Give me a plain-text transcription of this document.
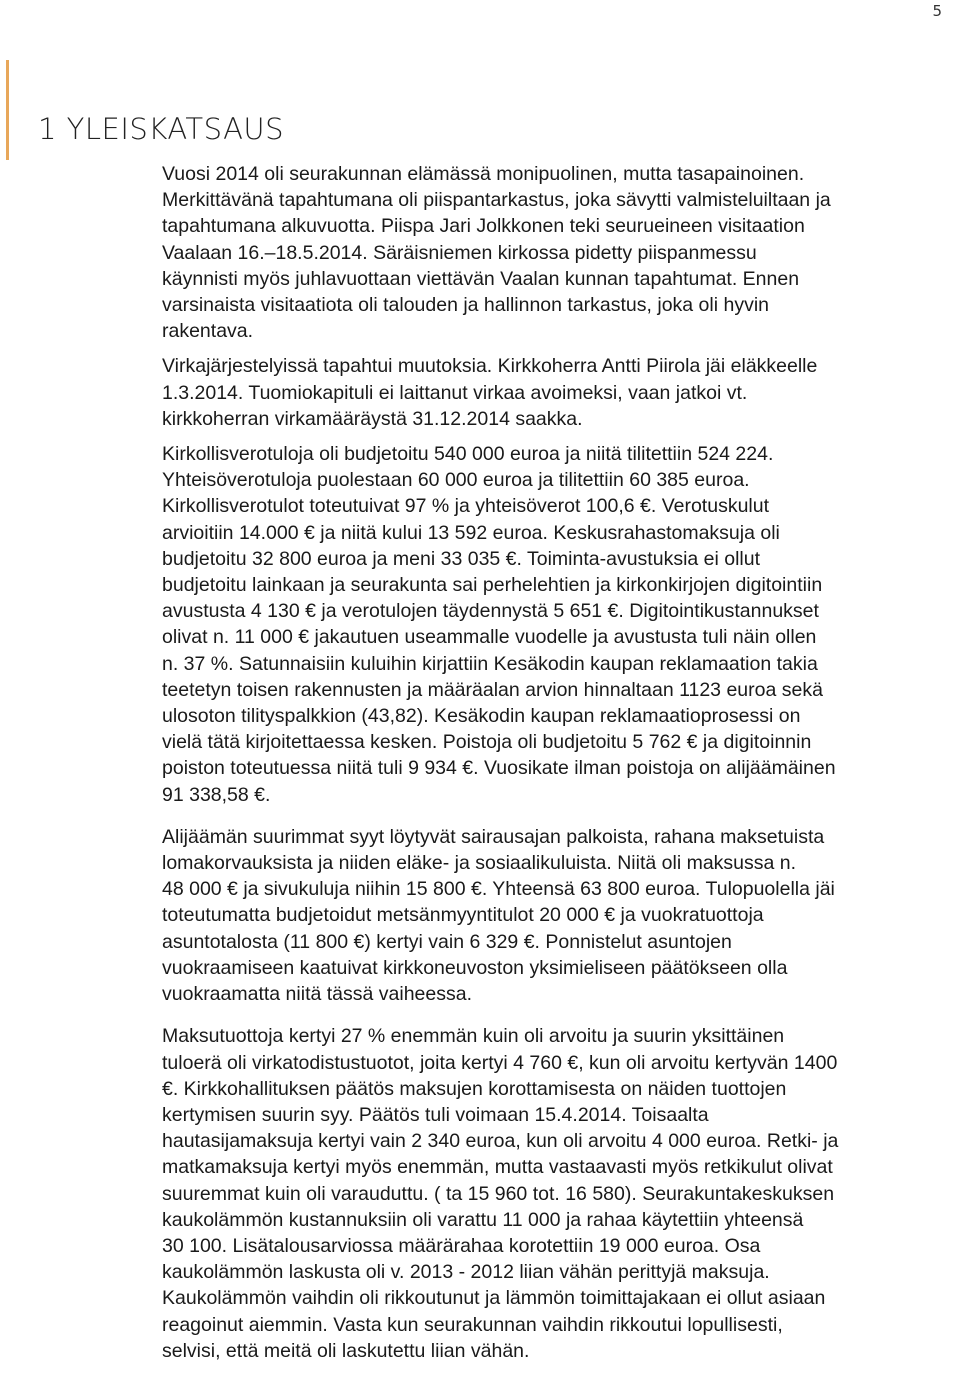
5
1 YLEISKATSAUS

Vuosi 2014 oli seurakunnan elämässä monipuolinen, mutta tasapainoinen.
Merkittävänä tapahtumana oli piispantarkastus, joka sävytti valmisteluiltaan ja
tapahtumana alkuvuotta. Piispa Jari Jolkkonen teki seurueineen visitaation
Vaalaan 16.–18.5.2014. Säräisniemen kirkossa pidetty piispanmessu
käynnisti myös juhlavuottaan viettävän Vaalan kunnan tapahtumat. Ennen
varsinaista visitaatiota oli talouden ja hallinnon tarkastus, joka oli hyvin
rakentava.

Virkajärjestelyissä tapahtui muutoksia. Kirkkoherra Antti Piirola jäi eläkkeelle
1.3.2014. Tuomiokapituli ei laittanut virkaa avoimeksi, vaan jatkoi vt.
kirkkoherran virkamääräystä 31.12.2014 saakka.

Kirkollisverotuloja oli budjetoitu 540 000 euroa ja niitä tilitettiin 524 224.
Yhteisöverotuloja puolestaan 60 000 euroa ja tilitettiin 60 385 euroa.
Kirkollisverotulot toteutuivat 97 % ja yhteisöverot 100,6 €. Verotuskulut
arvioitiin 14.000 € ja niitä kului 13 592 euroa. Keskusrahastomaksuja oli
budjetoitu 32 800 euroa ja meni 33 035 €. Toiminta-avustuksia ei ollut
budjetoitu lainkaan ja seurakunta sai perhelehtien ja kirkonkirjojen digitointiin
avustusta 4 130 € ja verotulojen täydennystä 5 651 €. Digitointikustannukset
olivat n. 11 000 € jakautuen useammalle vuodelle ja avustusta tuli näin ollen
n. 37 %. Satunnaisiin kuluihin kirjattiin Kesäkodin kaupan reklamaation takia
teetetyn toisen rakennusten ja määräalan arvion hinnaltaan 1123 euroa sekä
ulosoton tilityspalkkion (43,82). Kesäkodin kaupan reklamaatioprosessi on
vielä tätä kirjoitettaessa kesken. Poistoja oli budjetoitu 5 762 € ja digitoinnin
poiston toteutuessa niitä tuli 9 934 €. Vuosikate ilman poistoja on alijäämäinen
91 338,58 €.

Alijäämän suurimmat syyt löytyvät sairausajan palkoista, rahana maksetuista
lomakorvauksista ja niiden eläke- ja sosiaalikuluista. Niitä oli maksussa n.
48 000 € ja sivukuluja niihin 15 800 €. Yhteensä 63 800 euroa. Tulopuolella jäi
toteutumatta budjetoidut metsänmyyntitulot 20 000 € ja vuokratuottoja
asuntotalosta (11 800 €) kertyi vain 6 329 €. Ponnistelut asuntojen
vuokraamiseen kaatuivat kirkkoneuvoston yksimieliseen päätökseen olla
vuokraamatta niitä tässä vaiheessa.

Maksutuottoja kertyi 27 % enemmän kuin oli arvoitu ja suurin yksittäinen
tuloerä oli virkatodistustuotot, joita kertyi 4 760 €, kun oli arvoitu kertyvän 1400
€. Kirkkohallituksen päätös maksujen korottamisesta on näiden tuottojen
kertymisen suurin syy. Päätös tuli voimaan 15.4.2014. Toisaalta
hautasijamaksuja kertyi vain 2 340 euroa, kun oli arvoitu 4 000 euroa. Retki- ja
matkamaksuja kertyi myös enemmän, mutta vastaavasti myös retkikulut olivat
suuremmat kuin oli varauduttu. ( ta 15 960 tot. 16 580). Seurakuntakeskuksen
kaukolämmön kustannuksiin oli varattu 11 000 ja rahaa käytettiin yhteensä
30 100. Lisätalousarviossa määrärahaa korotettiin 19 000 euroa. Osa
kaukolämmön laskusta oli v. 2013 - 2012 liian vähän perittyjä maksuja.
Kaukolämmön vaihdin oli rikkoutunut ja lämmön toimittajakaan ei ollut asiaan
reagoinut aiemmin. Vasta kun seurakunnan vaihdin rikkoutui lopullisesti,
selvisi, että meitä oli laskutettu liian vähän.
